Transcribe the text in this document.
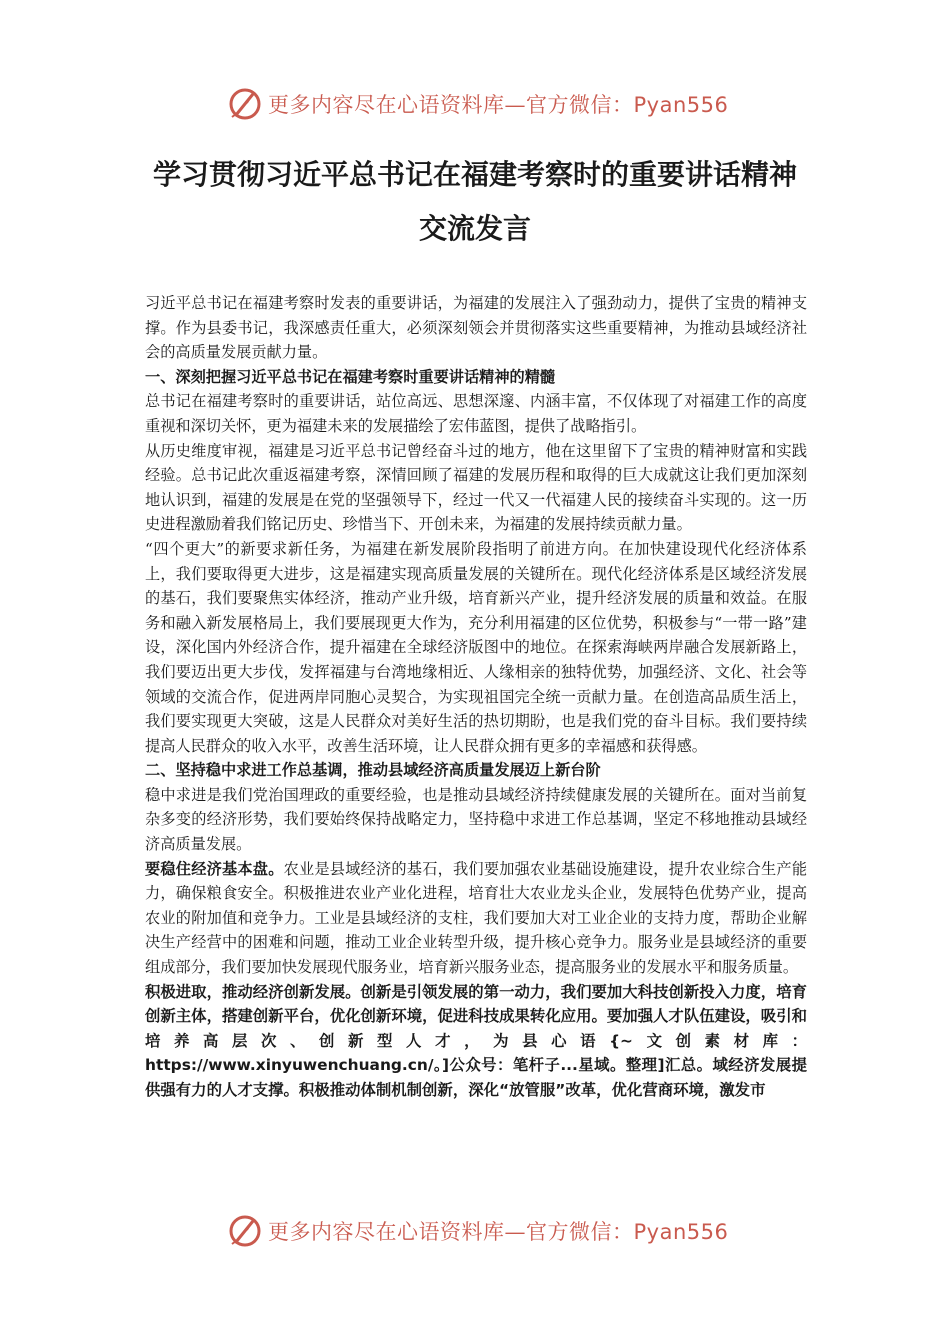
更多内容尽在心语资料库—官方微信：Pyan556
学习贯彻习近平总书记在福建考察时的重要讲话精神
交流发言

习近平总书记在福建考察时发表的重要讲话，为福建的发展注入了强劲动力，提供了宝贵的精神支撑。作为县委书记，我深感责任重大，必须深刻领会并贯彻落实这些重要精神，为推动县域经济社会的高质量发展贡献力量。

一、深刻把握习近平总书记在福建考察时重要讲话精神的精髓

总书记在福建考察时的重要讲话，站位高远、思想深邃、内涵丰富，不仅体现了对福建工作的高度重视和深切关怀，更为福建未来的发展描绘了宏伟蓝图，提供了战略指引。

从历史维度审视，福建是习近平总书记曾经奋斗过的地方，他在这里留下了宝贵的精神财富和实践经验。总书记此次重返福建考察，深情回顾了福建的发展历程和取得的巨大成就这让我们更加深刻地认识到，福建的发展是在党的坚强领导下，经过一代又一代福建人民的接续奋斗实现的。这一历史进程激励着我们铭记历史、珍惜当下、开创未来，为福建的发展持续贡献力量。

“四个更大”的新要求新任务，为福建在新发展阶段指明了前进方向。在加快建设现代化经济体系上，我们要取得更大进步，这是福建实现高质量发展的关键所在。现代化经济体系是区域经济发展的基石，我们要聚焦实体经济，推动产业升级，培育新兴产业，提升经济发展的质量和效益。在服务和融入新发展格局上，我们要展现更大作为，充分利用福建的区位优势，积极参与“一带一路”建设，深化国内外经济合作，提升福建在全球经济版图中的地位。在探索海峡两岸融合发展新路上，我们要迈出更大步伐，发挥福建与台湾地缘相近、人缘相亲的独特优势，加强经济、文化、社会等领域的交流合作，促进两岸同胞心灵契合，为实现祖国完全统一贡献力量。在创造高品质生活上，我们要实现更大突破，这是人民群众对美好生活的热切期盼，也是我们党的奋斗目标。我们要持续提高人民群众的收入水平，改善生活环境，让人民群众拥有更多的幸福感和获得感。

二、坚持稳中求进工作总基调，推动县域经济高质量发展迈上新台阶

稳中求进是我们党治国理政的重要经验，也是推动县域经济持续健康发展的关键所在。面对当前复杂多变的经济形势，我们要始终保持战略定力，坚持稳中求进工作总基调，坚定不移地推动县域经济高质量发展。

要稳住经济基本盘。农业是县域经济的基石，我们要加强农业基础设施建设，提升农业综合生产能力，确保粮食安全。积极推进农业产业化进程，培育壮大农业龙头企业，发展特色优势产业，提高农业的附加值和竞争力。工业是县域经济的支柱，我们要加大对工业企业的支持力度，帮助企业解决生产经营中的困难和问题，推动工业企业转型升级，提升核心竞争力。服务业是县域经济的重要组成部分，我们要加快发展现代服务业，培育新兴服务业态，提高服务业的发展水平和服务质量。

积极进取，推动经济创新发展。创新是引领发展的第一动力，我们要加大科技创新投入力度，培育创新主体，搭建创新平台，优化创新环境，促进科技成果转化应用。要加强人才队伍建设，吸引和培养高层次、创新型人才，为县心语{~文创素材库：https://www.xinyuwenchuang.cn/。]公众号：笔杆子...星域。整理]汇总。域经济发展提供强有力的人才支撑。积极推动体制机制创新，深化“放管服”改革，优化营商环境，激发市

更多内容尽在心语资料库—官方微信：Pyan556
